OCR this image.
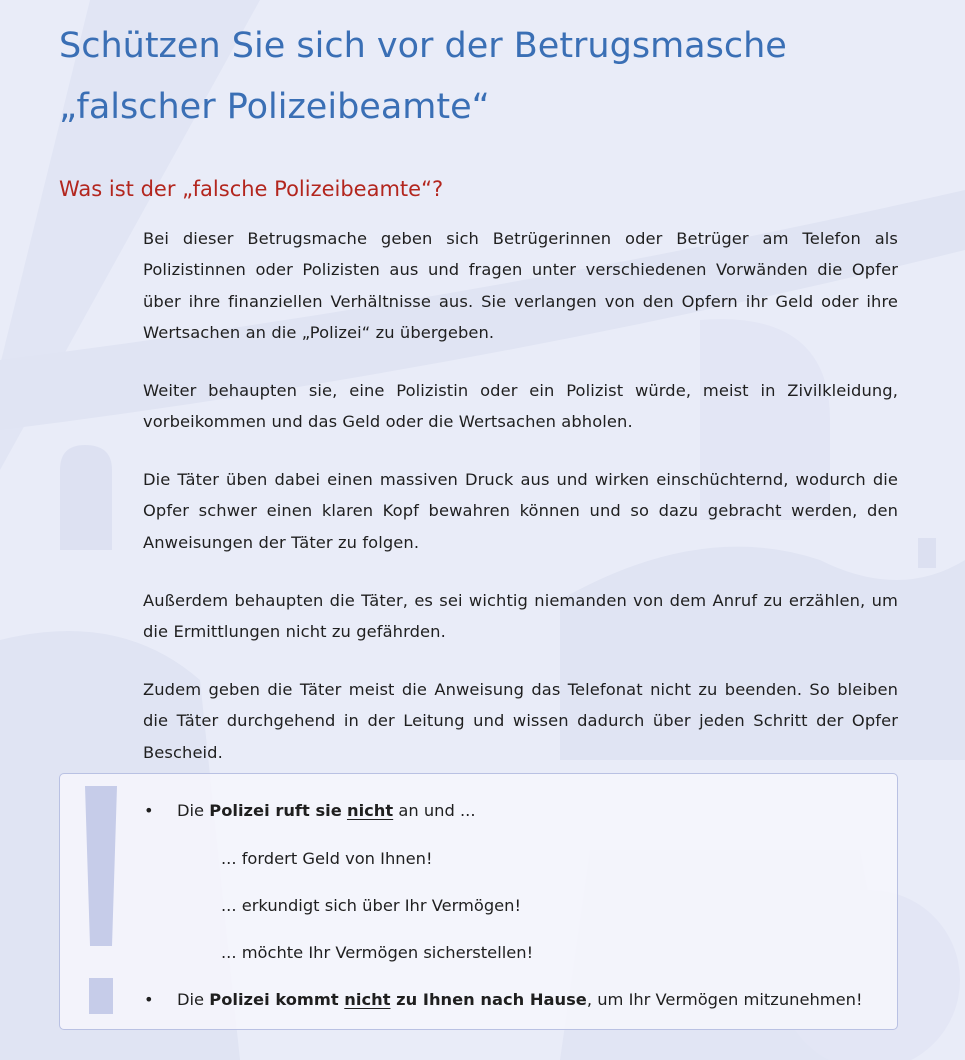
Schützen Sie sich vor der Betrugsmasche
„falscher Polizeibeamte“
Was ist der „falsche Polizeibeamte“?

Bei dieser Betrugsmache geben sich Betrügerinnen oder Betrüger am Telefon als Polizistinnen oder Polizisten aus und fragen unter verschiedenen Vorwänden die Opfer über ihre finanziellen Verhältnisse aus. Sie verlangen von den Opfern ihr Geld oder ihre Wertsachen an die „Polizei“ zu übergeben.

Weiter behaupten sie, eine Polizistin oder ein Polizist würde, meist in Zivilkleidung, vorbeikommen und das Geld oder die Wertsachen abholen.

Die Täter üben dabei einen massiven Druck aus und wirken einschüchternd, wodurch die Opfer schwer einen klaren Kopf bewahren können und so dazu gebracht werden, den Anweisungen der Täter zu folgen.

Außerdem behaupten die Täter, es sei wichtig niemanden von dem Anruf zu erzählen, um die Ermittlungen nicht zu gefährden.

Zudem geben die Täter meist die Anweisung das Telefonat nicht zu beenden. So bleiben die Täter durchgehend in der Leitung und wissen dadurch über jeden Schritt der Opfer Bescheid.

• Die Polizei ruft sie nicht an und ...
... fordert Geld von Ihnen!
... erkundigt sich über Ihr Vermögen!
... möchte Ihr Vermögen sicherstellen!
• Die Polizei kommt nicht zu Ihnen nach Hause, um Ihr Vermögen mitzunehmen!
